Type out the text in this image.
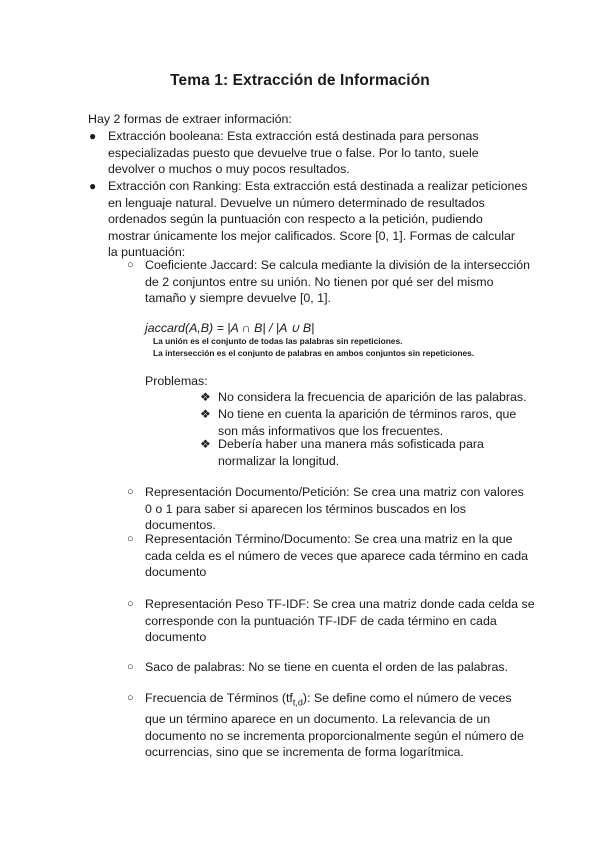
Tema 1: Extracción de Información
Hay 2 formas de extraer información:
● Extracción booleana: Esta extracción está destinada para personas especializadas puesto que devuelve true o false. Por lo tanto, suele devolver o muchos o muy pocos resultados.
● Extracción con Ranking: Esta extracción está destinada a realizar peticiones en lenguaje natural. Devuelve un número determinado de resultados ordenados según la puntuación con respecto a la petición, pudiendo mostrar únicamente los mejor calificados. Score [0, 1]. Formas de calcular la puntuación:
○ Coeficiente Jaccard: Se calcula mediante la división de la intersección de 2 conjuntos entre su unión. No tienen por qué ser del mismo tamaño y siempre devuelve [0, 1].
jaccard(A,B) = |A ∩ B| / |A ∪ B|
La unión es el conjunto de todas las palabras sin repeticiones.
La intersección es el conjunto de palabras en ambos conjuntos sin repeticiones.
Problemas:
❖ No considera la frecuencia de aparición de las palabras.
❖ No tiene en cuenta la aparición de términos raros, que son más informativos que los frecuentes.
❖ Debería haber una manera más sofisticada para normalizar la longitud.
○ Representación Documento/Petición: Se crea una matriz con valores 0 o 1 para saber si aparecen los términos buscados en los documentos.
○ Representación Término/Documento: Se crea una matriz en la que cada celda es el número de veces que aparece cada término en cada documento
○ Representación Peso TF-IDF: Se crea una matriz donde cada celda se corresponde con la puntuación TF-IDF de cada término en cada documento
○ Saco de palabras: No se tiene en cuenta el orden de las palabras.
○ Frecuencia de Términos $(tf_{t,d})$: Se define como el número de veces que un término aparece en un documento. La relevancia de un documento no se incrementa proporcionalmente según el número de ocurrencias, sino que se incrementa de forma logarítmica.
